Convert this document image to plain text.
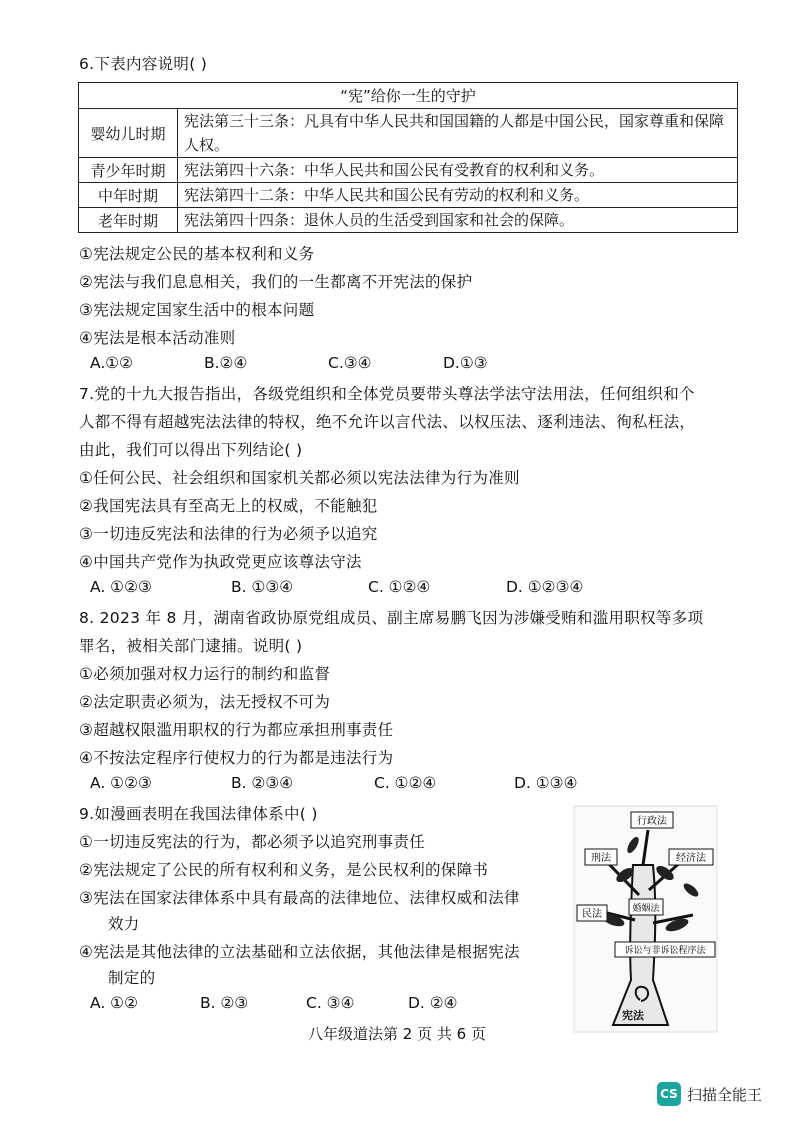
6.下表内容说明( )
“宪”给你一生的守护	
婴幼儿时期	宪法第三十三条：凡具有中华人民共和国国籍的人都是中国公民，国家尊重和保障人权。
青少年时期	宪法第四十六条：中华人民共和国公民有受教育的权利和义务。
中年时期	宪法第四十二条：中华人民共和国公民有劳动的权利和义务。
老年时期	宪法第四十四条：退休人员的生活受到国家和社会的保障。
①宪法规定公民的基本权利和义务
②宪法与我们息息相关，我们的一生都离不开宪法的保护
③宪法规定国家生活中的根本问题
④宪法是根本活动准则
A.①②	B.②④	C.③④	D.①③
7.党的十九大报告指出，各级党组织和全体党员要带头尊法学法守法用法，任何组织和个
人都不得有超越宪法法律的特权，绝不允许以言代法、以权压法、逐利违法、徇私枉法，
由此，我们可以得出下列结论( )
①任何公民、社会组织和国家机关都必须以宪法法律为行为准则
②我国宪法具有至高无上的权威，不能触犯
③一切违反宪法和法律的行为必须予以追究
④中国共产党作为执政党更应该尊法守法
A. ①②③	B. ①③④	C. ①②④	D. ①②③④
8. 2023 年 8 月，湖南省政协原党组成员、副主席易鹏飞因为涉嫌受贿和滥用职权等多项
罪名，被相关部门逮捕。说明( )
①必须加强对权力运行的制约和监督
②法定职责必须为，法无授权不可为
③超越权限滥用职权的行为都应承担刑事责任
④不按法定程序行使权力的行为都是违法行为
A. ①②③	B. ②③④	C. ①②④	D. ①③④
9.如漫画表明在我国法律体系中( )
①一切违反宪法的行为，都必须予以追究刑事责任
②宪法规定了公民的所有权利和义务，是公民权利的保障书
③宪法在国家法律体系中具有最高的法律地位、法律权威和法律
效力
④宪法是其他法律的立法基础和立法依据，其他法律是根据宪法
制定的
A. ①②	B. ②③	C. ③④	D. ②④
行政法
刑法	经济法
民法	婚姻法
诉讼与非诉讼程序法
宪法
八年级道法第 2 页 共 6 页
CS 扫描全能王
